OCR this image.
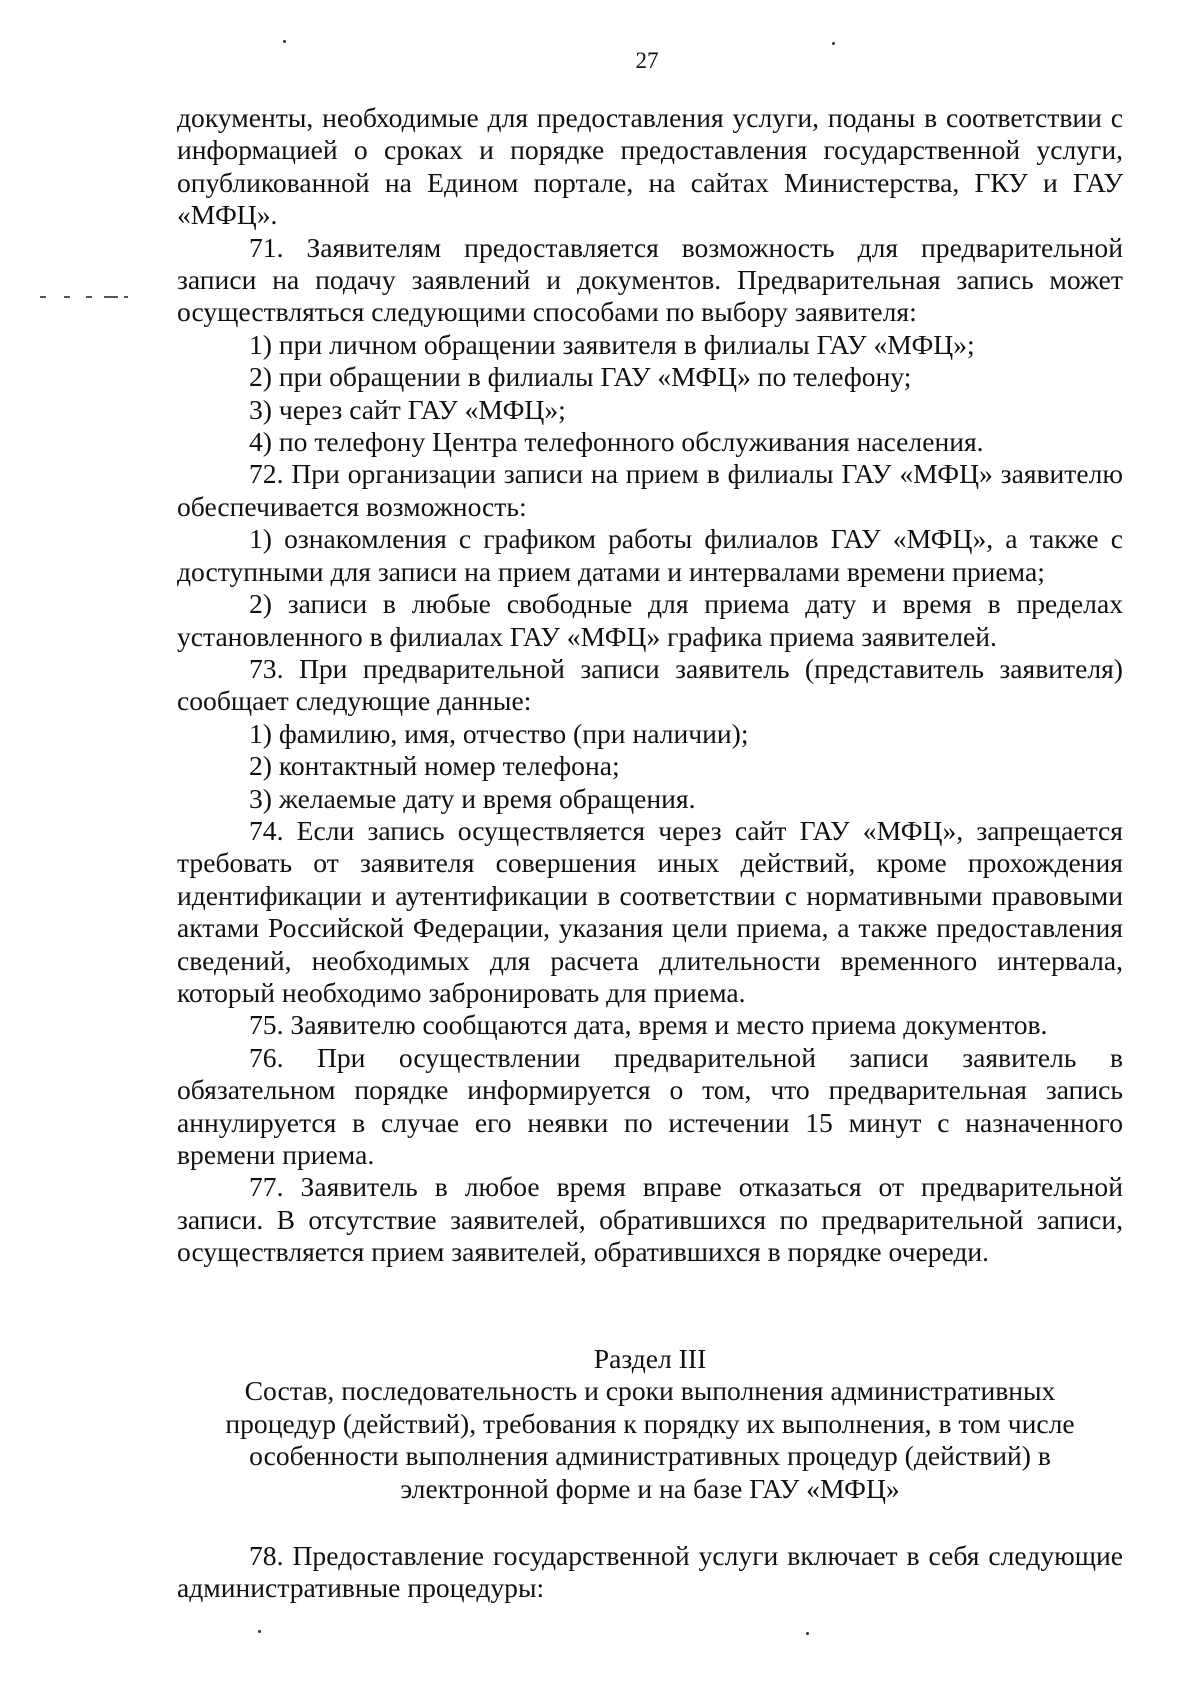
27

документы, необходимые для предоставления услуги, поданы в соответствии с информацией о сроках и порядке предоставления государственной услуги, опубликованной на Едином портале, на сайтах Министерства, ГКУ и ГАУ «МФЦ».

71. Заявителям предоставляется возможность для предварительной записи на подачу заявлений и документов. Предварительная запись может осуществляться следующими способами по выбору заявителя:

1) при личном обращении заявителя в филиалы ГАУ «МФЦ»;

2) при обращении в филиалы ГАУ «МФЦ» по телефону;

3) через сайт ГАУ «МФЦ»;

4) по телефону Центра телефонного обслуживания населения.

72. При организации записи на прием в филиалы ГАУ «МФЦ» заявителю обеспечивается возможность:

1) ознакомления с графиком работы филиалов ГАУ «МФЦ», а также с доступными для записи на прием датами и интервалами времени приема;

2) записи в любые свободные для приема дату и время в пределах установленного в филиалах ГАУ «МФЦ» графика приема заявителей.

73. При предварительной записи заявитель (представитель заявителя) сообщает следующие данные:

1) фамилию, имя, отчество (при наличии);

2) контактный номер телефона;

3) желаемые дату и время обращения.

74. Если запись осуществляется через сайт ГАУ «МФЦ», запрещается требовать от заявителя совершения иных действий, кроме прохождения идентификации и аутентификации в соответствии с нормативными правовыми актами Российской Федерации, указания цели приема, а также предоставления сведений, необходимых для расчета длительности временного интервала, который необходимо забронировать для приема.

75. Заявителю сообщаются дата, время и место приема документов.

76. При осуществлении предварительной записи заявитель в обязательном порядке информируется о том, что предварительная запись аннулируется в случае его неявки по истечении 15 минут с назначенного времени приема.

77. Заявитель в любое время вправе отказаться от предварительной записи. В отсутствие заявителей, обратившихся по предварительной записи, осуществляется прием заявителей, обратившихся в порядке очереди.

Раздел III
Состав, последовательность и сроки выполнения административных
процедур (действий), требования к порядку их выполнения, в том числе
особенности выполнения административных процедур (действий) в
электронной форме и на базе ГАУ «МФЦ»

78. Предоставление государственной услуги включает в себя следующие административные процедуры:
